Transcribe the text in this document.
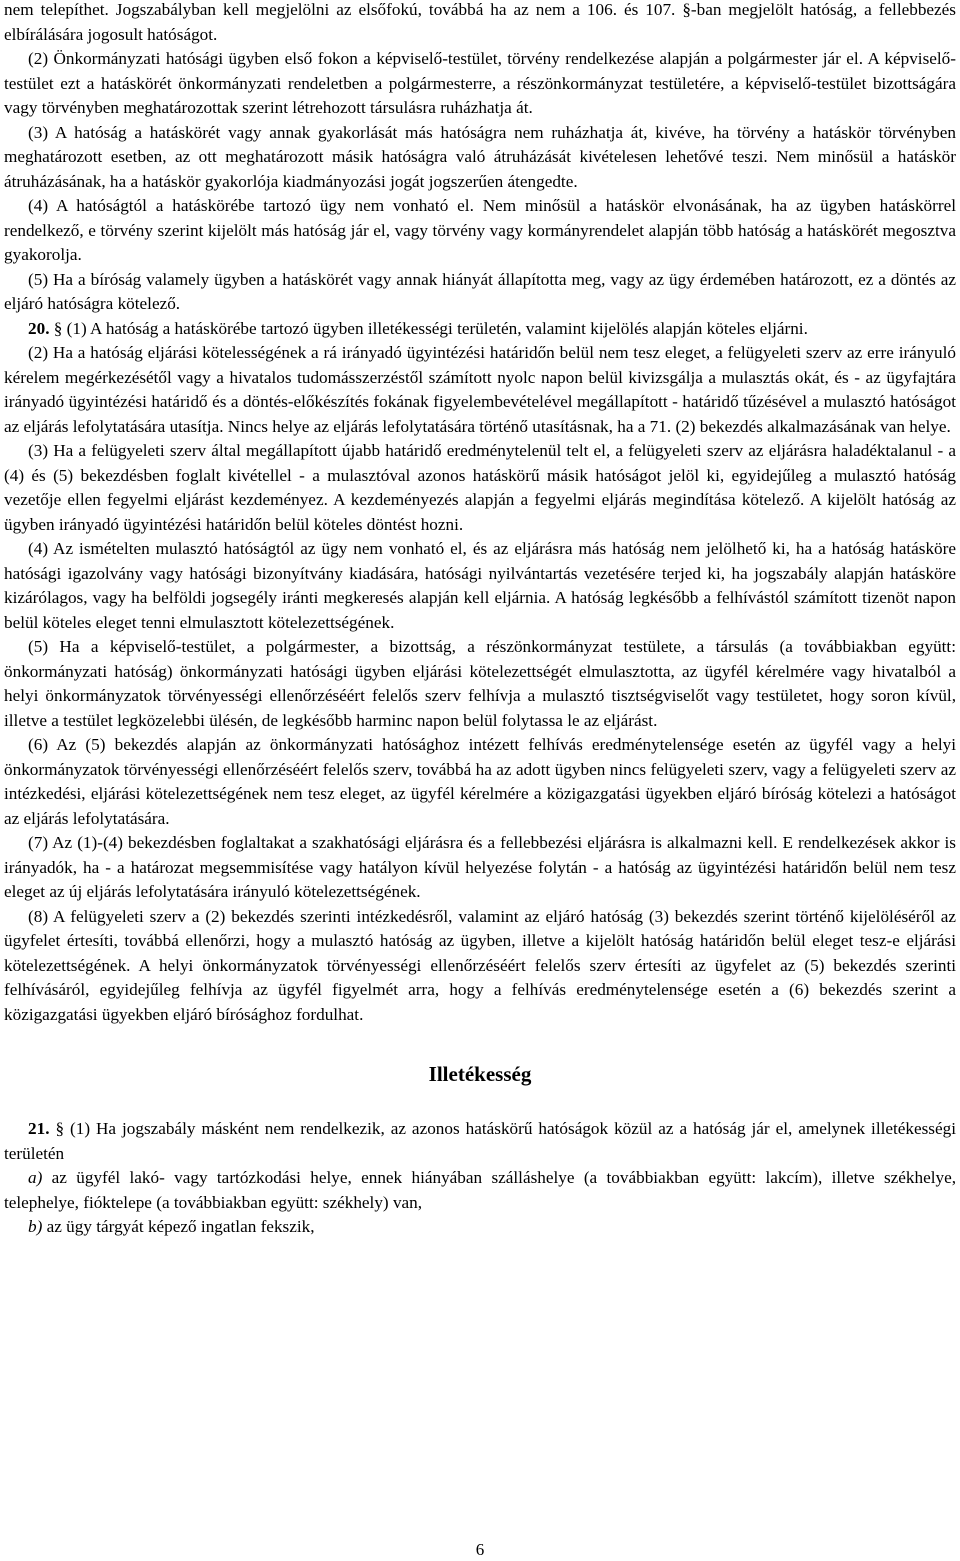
nem telepíthet. Jogszabályban kell megjelölni az elsőfokú, továbbá ha az nem a 106. és 107. §-ban megjelölt hatóság, a fellebbezés elbírálására jogosult hatóságot.

(2) Önkormányzati hatósági ügyben első fokon a képviselő-testület, törvény rendelkezése alapján a polgármester jár el. A képviselő-testület ezt a hatáskörét önkormányzati rendeletben a polgármesterre, a részönkormányzat testületére, a képviselő-testület bizottságára vagy törvényben meghatározottak szerint létrehozott társulásra ruházhatja át.

(3) A hatóság a hatáskörét vagy annak gyakorlását más hatóságra nem ruházhatja át, kivéve, ha törvény a hatáskör törvényben meghatározott esetben, az ott meghatározott másik hatóságra való átruházását kivételesen lehetővé teszi. Nem minősül a hatáskör átruházásának, ha a hatáskör gyakorlója kiadmányozási jogát jogszerűen átengedte.

(4) A hatóságtól a hatáskörébe tartozó ügy nem vonható el. Nem minősül a hatáskör elvonásának, ha az ügyben hatáskörrel rendelkező, e törvény szerint kijelölt más hatóság jár el, vagy törvény vagy kormányrendelet alapján több hatóság a hatáskörét megosztva gyakorolja.

(5) Ha a bíróság valamely ügyben a hatáskörét vagy annak hiányát állapította meg, vagy az ügy érdemében határozott, ez a döntés az eljáró hatóságra kötelező.

20. § (1) A hatóság a hatáskörébe tartozó ügyben illetékességi területén, valamint kijelölés alapján köteles eljárni.

(2) Ha a hatóság eljárási kötelességének a rá irányadó ügyintézési határidőn belül nem tesz eleget, a felügyeleti szerv az erre irányuló kérelem megérkezésétől vagy a hivatalos tudomásszerzéstől számított nyolc napon belül kivizsgálja a mulasztás okát, és - az ügyfajtára irányadó ügyintézési határidő és a döntés-előkészítés fokának figyelembevételével megállapított - határidő tűzésével a mulasztó hatóságot az eljárás lefolytatására utasítja. Nincs helye az eljárás lefolytatására történő utasításnak, ha a 71. (2) bekezdés alkalmazásának van helye.

(3) Ha a felügyeleti szerv által megállapított újabb határidő eredménytelenül telt el, a felügyeleti szerv az eljárásra haladéktalanul - a (4) és (5) bekezdésben foglalt kivétellel - a mulasztóval azonos hatáskörű másik hatóságot jelöl ki, egyidejűleg a mulasztó hatóság vezetője ellen fegyelmi eljárást kezdeményez. A kezdeményezés alapján a fegyelmi eljárás megindítása kötelező. A kijelölt hatóság az ügyben irányadó ügyintézési határidőn belül köteles döntést hozni.

(4) Az ismételten mulasztó hatóságtól az ügy nem vonható el, és az eljárásra más hatóság nem jelölhető ki, ha a hatóság hatásköre hatósági igazolvány vagy hatósági bizonyítvány kiadására, hatósági nyilvántartás vezetésére terjed ki, ha jogszabály alapján hatásköre kizárólagos, vagy ha belföldi jogsegély iránti megkeresés alapján kell eljárnia. A hatóság legkésőbb a felhívástól számított tizenöt napon belül köteles eleget tenni elmulasztott kötelezettségének.

(5) Ha a képviselő-testület, a polgármester, a bizottság, a részönkormányzat testülete, a társulás (a továbbiakban együtt: önkormányzati hatóság) önkormányzati hatósági ügyben eljárási kötelezettségét elmulasztotta, az ügyfél kérelmére vagy hivatalból a helyi önkormányzatok törvényességi ellenőrzéséért felelős szerv felhívja a mulasztó tisztségviselőt vagy testületet, hogy soron kívül, illetve a testület legközelebbi ülésén, de legkésőbb harminc napon belül folytassa le az eljárást.

(6) Az (5) bekezdés alapján az önkormányzati hatósághoz intézett felhívás eredménytelensége esetén az ügyfél vagy a helyi önkormányzatok törvényességi ellenőrzéséért felelős szerv, továbbá ha az adott ügyben nincs felügyeleti szerv, vagy a felügyeleti szerv az intézkedési, eljárási kötelezettségének nem tesz eleget, az ügyfél kérelmére a közigazgatási ügyekben eljáró bíróság kötelezi a hatóságot az eljárás lefolytatására.

(7) Az (1)-(4) bekezdésben foglaltakat a szakhatósági eljárásra és a fellebbezési eljárásra is alkalmazni kell. E rendelkezések akkor is irányadók, ha - a határozat megsemmisítése vagy hatályon kívül helyezése folytán - a hatóság az ügyintézési határidőn belül nem tesz eleget az új eljárás lefolytatására irányuló kötelezettségének.

(8) A felügyeleti szerv a (2) bekezdés szerinti intézkedésről, valamint az eljáró hatóság (3) bekezdés szerint történő kijelöléséről az ügyfelet értesíti, továbbá ellenőrzi, hogy a mulasztó hatóság az ügyben, illetve a kijelölt hatóság határidőn belül eleget tesz-e eljárási kötelezettségének. A helyi önkormányzatok törvényességi ellenőrzéséért felelős szerv értesíti az ügyfelet az (5) bekezdés szerinti felhívásáról, egyidejűleg felhívja az ügyfél figyelmét arra, hogy a felhívás eredménytelensége esetén a (6) bekezdés szerint a közigazgatási ügyekben eljáró bírósághoz fordulhat.

Illetékesség

21. § (1) Ha jogszabály másként nem rendelkezik, az azonos hatáskörű hatóságok közül az a hatóság jár el, amelynek illetékességi területén

a) az ügyfél lakó- vagy tartózkodási helye, ennek hiányában szálláshelye (a továbbiakban együtt: lakcím), illetve székhelye, telephelye, fióktelepe (a továbbiakban együtt: székhely) van,

b) az ügy tárgyát képező ingatlan fekszik,

6
